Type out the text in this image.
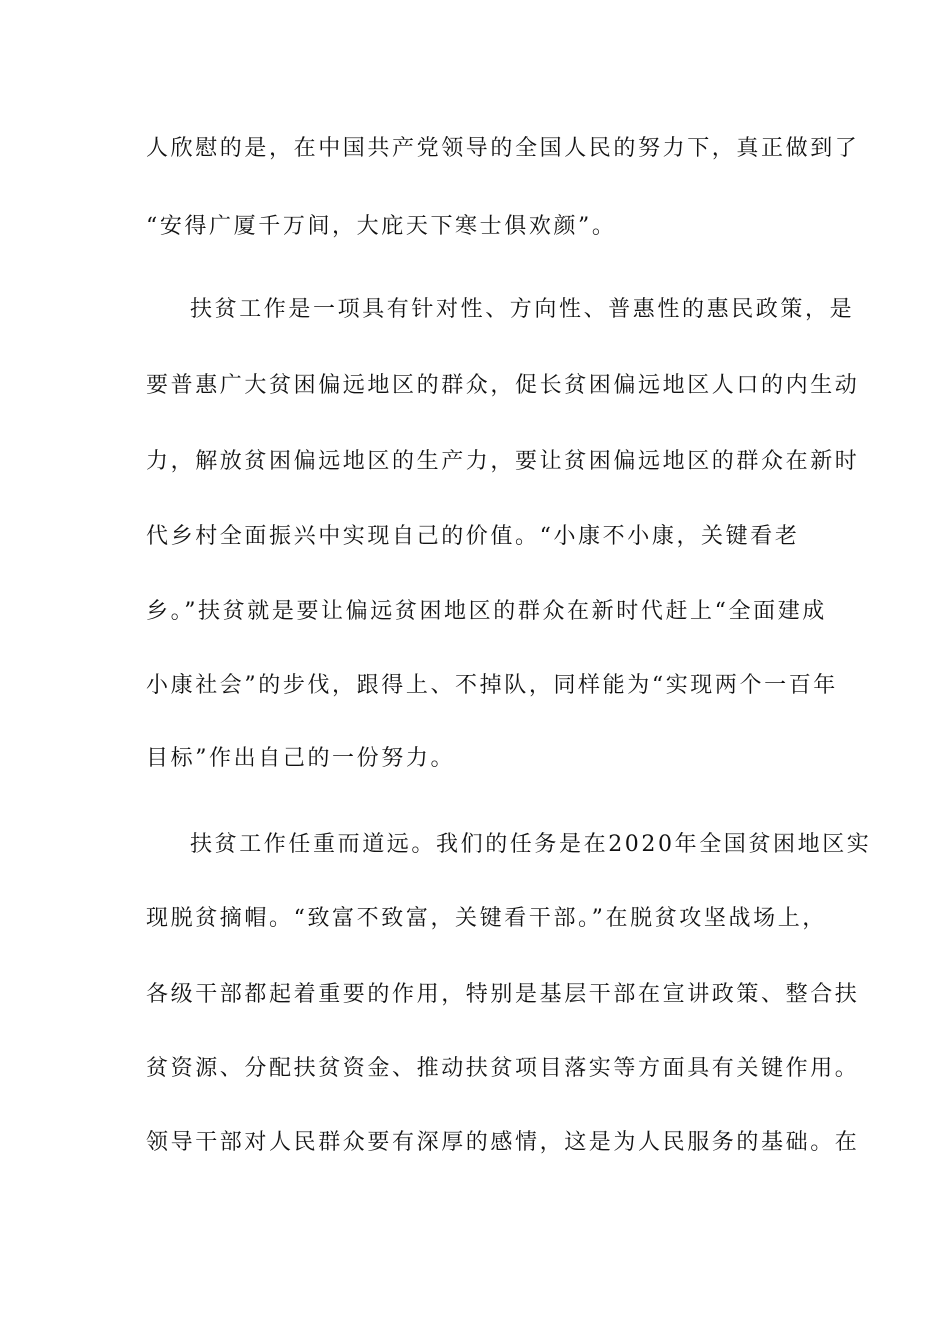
人欣慰的是，在中国共产党领导的全国人民的努力下，真正做到了
“安得广厦千万间，大庇天下寒士俱欢颜”。
扶贫工作是一项具有针对性、方向性、普惠性的惠民政策，是
要普惠广大贫困偏远地区的群众，促长贫困偏远地区人口的内生动
力，解放贫困偏远地区的生产力，要让贫困偏远地区的群众在新时
代乡村全面振兴中实现自己的价值。“小康不小康，关键看老
乡。”扶贫就是要让偏远贫困地区的群众在新时代赶上“全面建成
小康社会”的步伐，跟得上、不掉队，同样能为“实现两个一百年
目标”作出自己的一份努力。
扶贫工作任重而道远。我们的任务是在2020年全国贫困地区实
现脱贫摘帽。“致富不致富，关键看干部。”在脱贫攻坚战场上，
各级干部都起着重要的作用，特别是基层干部在宣讲政策、整合扶
贫资源、分配扶贫资金、推动扶贫项目落实等方面具有关键作用。
领导干部对人民群众要有深厚的感情，这是为人民服务的基础。在
